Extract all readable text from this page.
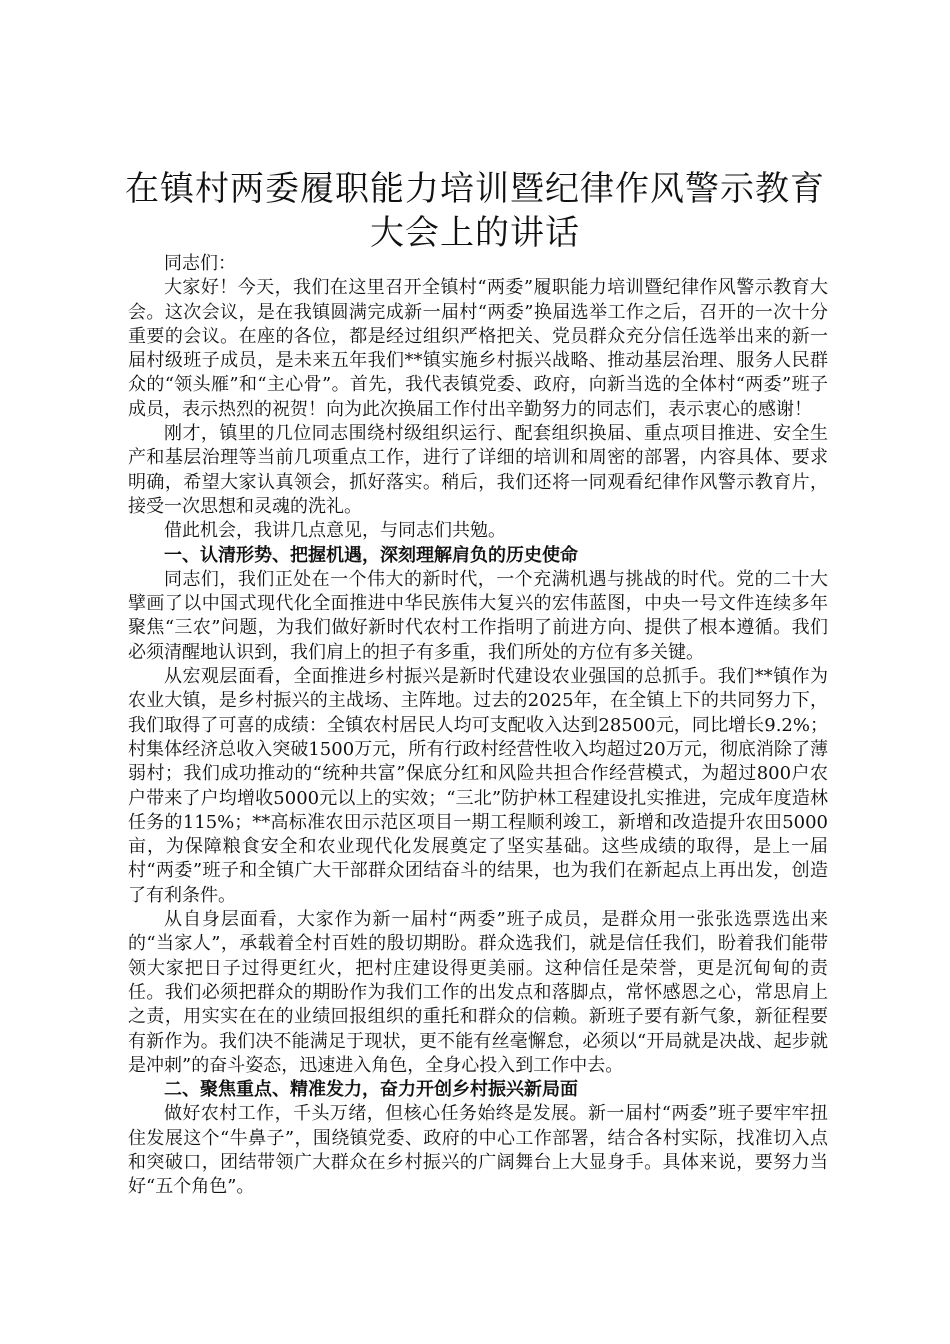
在镇村两委履职能力培训暨纪律作风警示教育
大会上的讲话

同志们：

大家好！今天，我们在这里召开全镇村“两委”履职能力培训暨纪律作风警示教育大会。这次会议，是在我镇圆满完成新一届村“两委”换届选举工作之后，召开的一次十分重要的会议。在座的各位，都是经过组织严格把关、党员群众充分信任选举出来的新一届村级班子成员，是未来五年我们**镇实施乡村振兴战略、推动基层治理、服务人民群众的“领头雁”和“主心骨”。首先，我代表镇党委、政府，向新当选的全体村“两委”班子成员，表示热烈的祝贺！向为此次换届工作付出辛勤努力的同志们，表示衷心的感谢！

刚才，镇里的几位同志围绕村级组织运行、配套组织换届、重点项目推进、安全生产和基层治理等当前几项重点工作，进行了详细的培训和周密的部署，内容具体、要求明确，希望大家认真领会，抓好落实。稍后，我们还将一同观看纪律作风警示教育片，接受一次思想和灵魂的洗礼。

借此机会，我讲几点意见，与同志们共勉。

一、认清形势、把握机遇，深刻理解肩负的历史使命

同志们，我们正处在一个伟大的新时代，一个充满机遇与挑战的时代。党的二十大擘画了以中国式现代化全面推进中华民族伟大复兴的宏伟蓝图，中央一号文件连续多年聚焦“三农”问题，为我们做好新时代农村工作指明了前进方向、提供了根本遵循。我们必须清醒地认识到，我们肩上的担子有多重，我们所处的方位有多关键。

从宏观层面看，全面推进乡村振兴是新时代建设农业强国的总抓手。我们**镇作为农业大镇，是乡村振兴的主战场、主阵地。过去的2025年，在全镇上下的共同努力下，我们取得了可喜的成绩：全镇农村居民人均可支配收入达到28500元，同比增长9.2%；村集体经济总收入突破1500万元，所有行政村经营性收入均超过20万元，彻底消除了薄弱村；我们成功推动的“统种共富”保底分红和风险共担合作经营模式，为超过800户农户带来了户均增收5000元以上的实效；“三北”防护林工程建设扎实推进，完成年度造林任务的115%；**高标准农田示范区项目一期工程顺利竣工，新增和改造提升农田5000亩，为保障粮食安全和农业现代化发展奠定了坚实基础。这些成绩的取得，是上一届村“两委”班子和全镇广大干部群众团结奋斗的结果，也为我们在新起点上再出发，创造了有利条件。

从自身层面看，大家作为新一届村“两委”班子成员，是群众用一张张选票选出来的“当家人”，承载着全村百姓的殷切期盼。群众选我们，就是信任我们，盼着我们能带领大家把日子过得更红火，把村庄建设得更美丽。这种信任是荣誉，更是沉甸甸的责任。我们必须把群众的期盼作为我们工作的出发点和落脚点，常怀感恩之心，常思肩上之责，用实实在在的业绩回报组织的重托和群众的信赖。新班子要有新气象，新征程要有新作为。我们决不能满足于现状，更不能有丝毫懈怠，必须以“开局就是决战、起步就是冲刺”的奋斗姿态，迅速进入角色，全身心投入到工作中去。

二、聚焦重点、精准发力，奋力开创乡村振兴新局面

做好农村工作，千头万绪，但核心任务始终是发展。新一届村“两委”班子要牢牢扭住发展这个“牛鼻子”，围绕镇党委、政府的中心工作部署，结合各村实际，找准切入点和突破口，团结带领广大群众在乡村振兴的广阔舞台上大显身手。具体来说，要努力当好“五个角色”。
